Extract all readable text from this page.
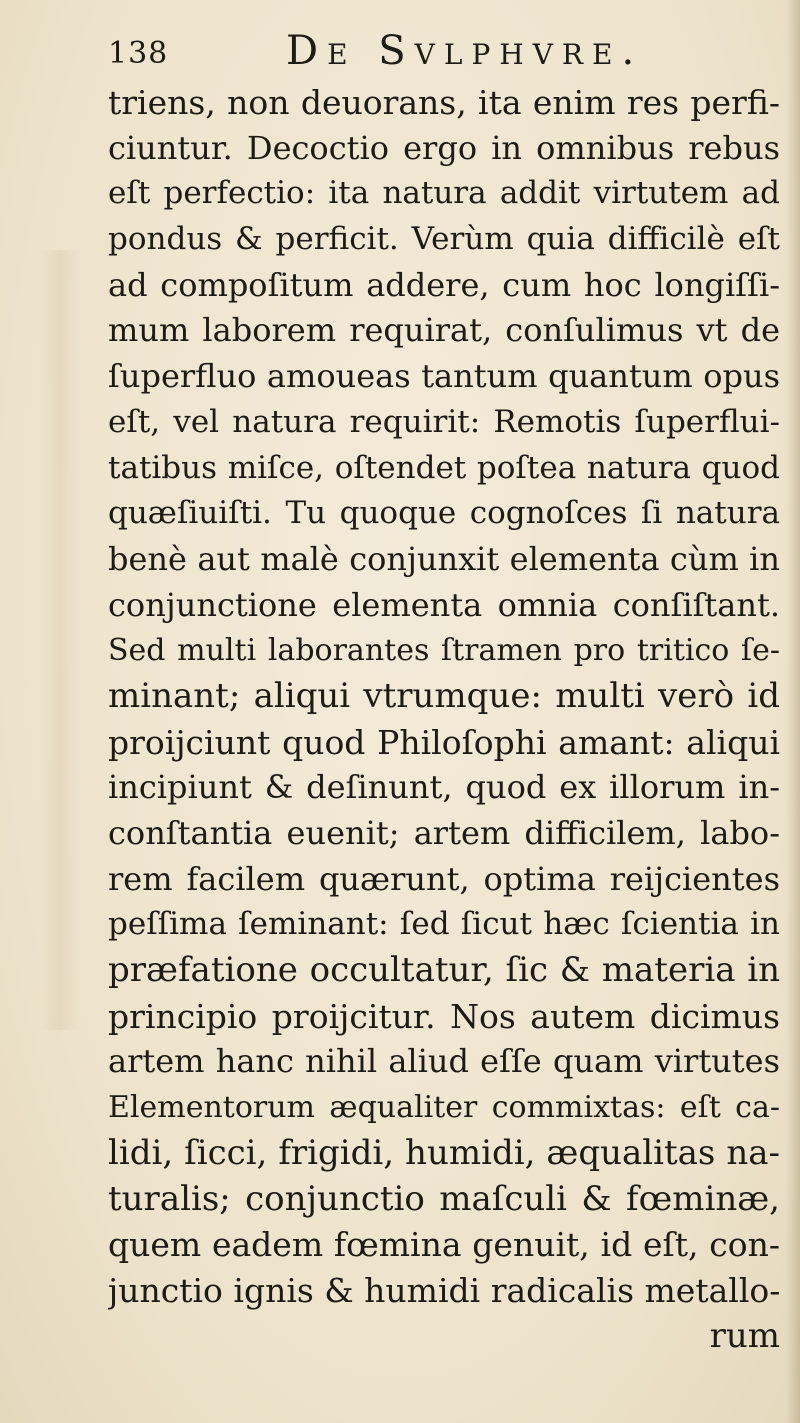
138	De Svlphvre.
triens, non deuorans, ita enim res perfi-
ciuntur. Decoctio ergo in omnibus rebus
eſt perfectio: ita natura addit virtutem ad
pondus & perficit. Verùm quia difficilè eſt
ad compoſitum addere, cum hoc longiſſi-
mum laborem requirat, conſulimus vt de
ſuperfluo amoueas tantum quantum opus
eſt, vel natura requirit: Remotis ſuperflui-
tatibus miſce, oſtendet poſtea natura quod
quæſiuiſti. Tu quoque cognoſces ſi natura
benè aut malè conjunxit elementa cùm in
conjunctione elementa omnia conſiſtant.
Sed multi laborantes ſtramen pro tritico ſe-
minant; aliqui vtrumque: multi verò id
proijciunt quod Philoſophi amant: aliqui
incipiunt & deſinunt, quod ex illorum in-
conſtantia euenit; artem difficilem, labo-
rem facilem quærunt, optima reijcientes
peſſima ſeminant: ſed ſicut hæc ſcientia in
præfatione occultatur, ſic & materia in
principio proijcitur. Nos autem dicimus
artem hanc nihil aliud eſſe quam virtutes
Elementorum æqualiter commixtas: eſt ca-
lidi, ſicci, frigidi, humidi, æqualitas na-
turalis; conjunctio maſculi & fœminæ,
quem eadem fœmina genuit, id eſt, con-
junctio ignis & humidi radicalis metallo-
rum
